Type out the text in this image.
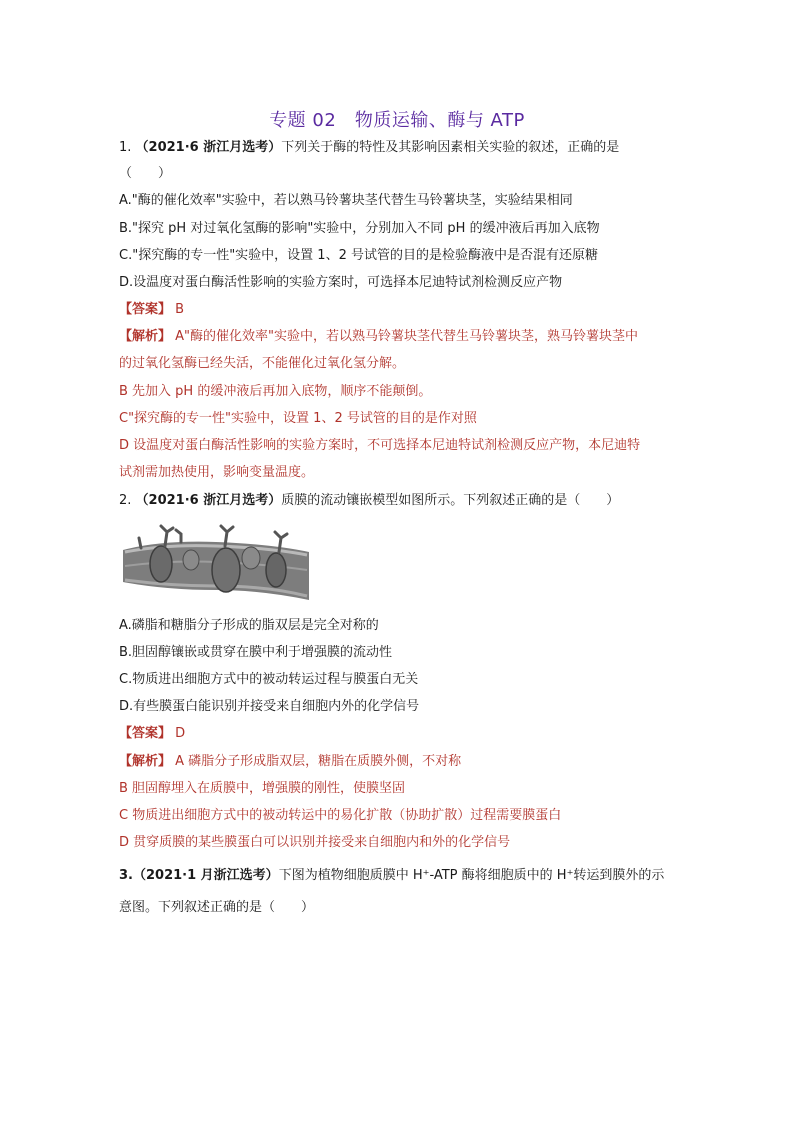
专题 02　物质运输、酶与 ATP
1. （2021·6 浙江月选考）下列关于酶的特性及其影响因素相关实验的叙述，正确的是
（　　）
A."酶的催化效率"实验中，若以熟马铃薯块茎代替生马铃薯块茎，实验结果相同
B."探究 pH 对过氧化氢酶的影响"实验中，分别加入不同 pH 的缓冲液后再加入底物
C."探究酶的专一性"实验中，设置 1、2 号试管的目的是检验酶液中是否混有还原糖
D.设温度对蛋白酶活性影响的实验方案时，可选择本尼迪特试剂检测反应产物
【答案】 B
【解析】 A"酶的催化效率"实验中，若以熟马铃薯块茎代替生马铃薯块茎，熟马铃薯块茎中
的过氧化氢酶已经失活，不能催化过氧化氢分解。
B 先加入 pH 的缓冲液后再加入底物，顺序不能颠倒。
C"探究酶的专一性"实验中，设置 1、2 号试管的目的是作对照
D 设温度对蛋白酶活性影响的实验方案时，不可选择本尼迪特试剂检测反应产物，本尼迪特
试剂需加热使用，影响变量温度。
2. （2021·6 浙江月选考）质膜的流动镶嵌模型如图所示。下列叙述正确的是（　　）
A.磷脂和糖脂分子形成的脂双层是完全对称的
B.胆固醇镶嵌或贯穿在膜中利于增强膜的流动性
C.物质进出细胞方式中的被动转运过程与膜蛋白无关
D.有些膜蛋白能识别并接受来自细胞内外的化学信号
【答案】 D
【解析】 A 磷脂分子形成脂双层，糖脂在质膜外侧，不对称
B 胆固醇埋入在质膜中，增强膜的刚性，使膜坚固
C 物质进出细胞方式中的被动转运中的易化扩散（协助扩散）过程需要膜蛋白
D 贯穿质膜的某些膜蛋白可以识别并接受来自细胞内和外的化学信号
3.（2021·1 月浙江选考）下图为植物细胞质膜中 H⁺-ATP 酶将细胞质中的 H⁺转运到膜外的示
意图。下列叙述正确的是（　　）
